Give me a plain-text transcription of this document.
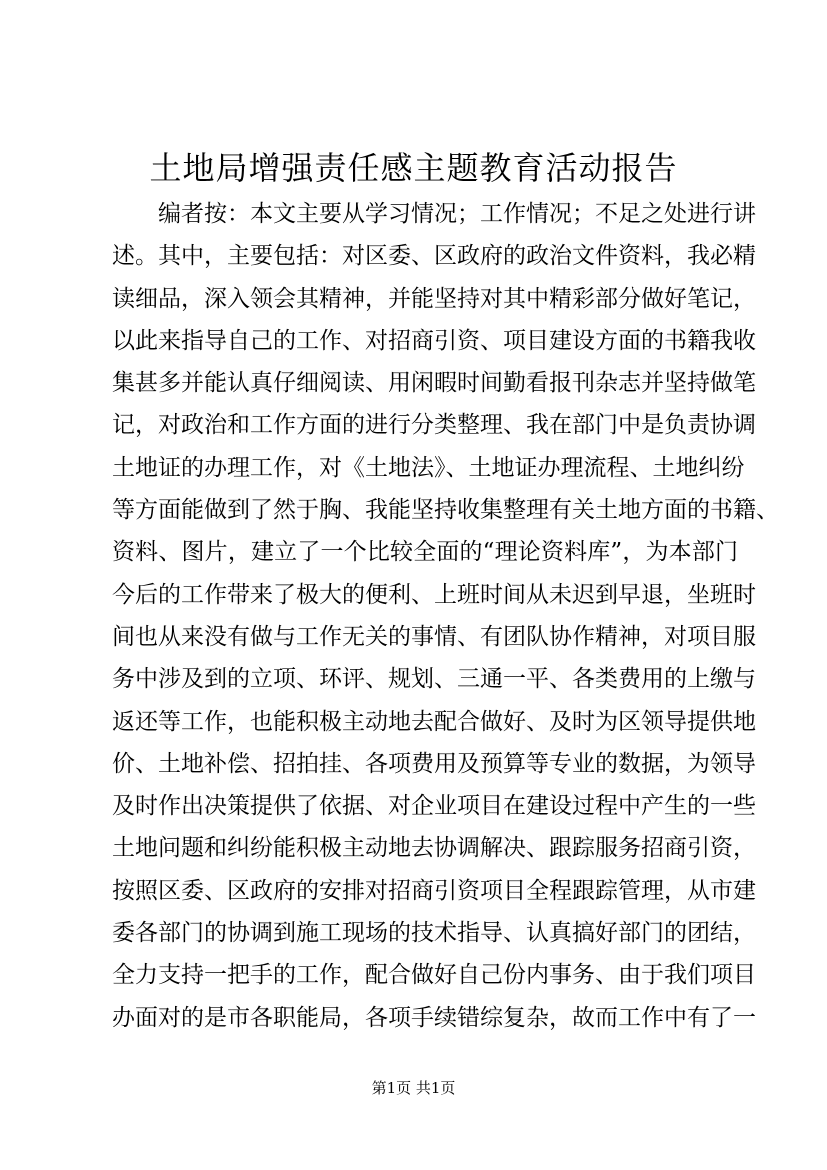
土地局增强责任感主题教育活动报告
编者按：本文主要从学习情况；工作情况；不足之处进行讲
述。其中，主要包括：对区委、区政府的政治文件资料，我必精
读细品，深入领会其精神，并能坚持对其中精彩部分做好笔记，
以此来指导自己的工作、对招商引资、项目建设方面的书籍我收
集甚多并能认真仔细阅读、用闲暇时间勤看报刊杂志并坚持做笔
记，对政治和工作方面的进行分类整理、我在部门中是负责协调
土地证的办理工作，对《土地法》、土地证办理流程、土地纠纷
等方面能做到了然于胸、我能坚持收集整理有关土地方面的书籍、
资料、图片，建立了一个比较全面的“理论资料库”，为本部门
今后的工作带来了极大的便利、上班时间从未迟到早退，坐班时
间也从来没有做与工作无关的事情、有团队协作精神，对项目服
务中涉及到的立项、环评、规划、三通一平、各类费用的上缴与
返还等工作，也能积极主动地去配合做好、及时为区领导提供地
价、土地补偿、招拍挂、各项费用及预算等专业的数据，为领导
及时作出决策提供了依据、对企业项目在建设过程中产生的一些
土地问题和纠纷能积极主动地去协调解决、跟踪服务招商引资，
按照区委、区政府的安排对招商引资项目全程跟踪管理，从市建
委各部门的协调到施工现场的技术指导、认真搞好部门的团结，
全力支持一把手的工作，配合做好自己份内事务、由于我们项目
办面对的是市各职能局，各项手续错综复杂，故而工作中有了一
第1页 共1页
